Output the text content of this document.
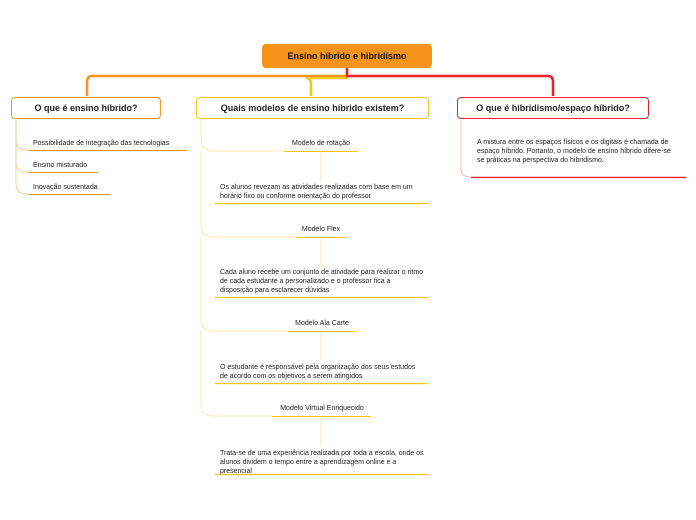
Ensino híbrido e hibridismo
O que é ensino híbrido?
Possibilidade de integração das tecnologias
Ensino misturado
Inovação sustentada
Quais modelos de ensino híbrido existem?
Modelo de rotação
Os alunos revezam as atividades realizadas com base em um horário fixo ou conforme orientação do professor
Modelo Flex
Cada aluno recebe um conjunto de atividade para realizar o ritmo de cada estudante a personalizado e o professor fica a disposição para esclarecer dúvidas
Modelo Ala Carte
O estudante é responsável pela organização dos seus estudos de acordo com os objetivos a serem atingidos
Modelo Virtual Enriquecido
Trata-se de uma experiência realizada por toda a escola, onde os alunos dividem o tempo entre a aprendizagem online e a presencial
O que é hibridismo/espaço híbrido?
A mistura entre os espaços físicos e os digitais é chamada de espaço híbrido. Portanto, o modelo de ensino híbrido difere-se se práticas na perspectiva do hibridismo.
